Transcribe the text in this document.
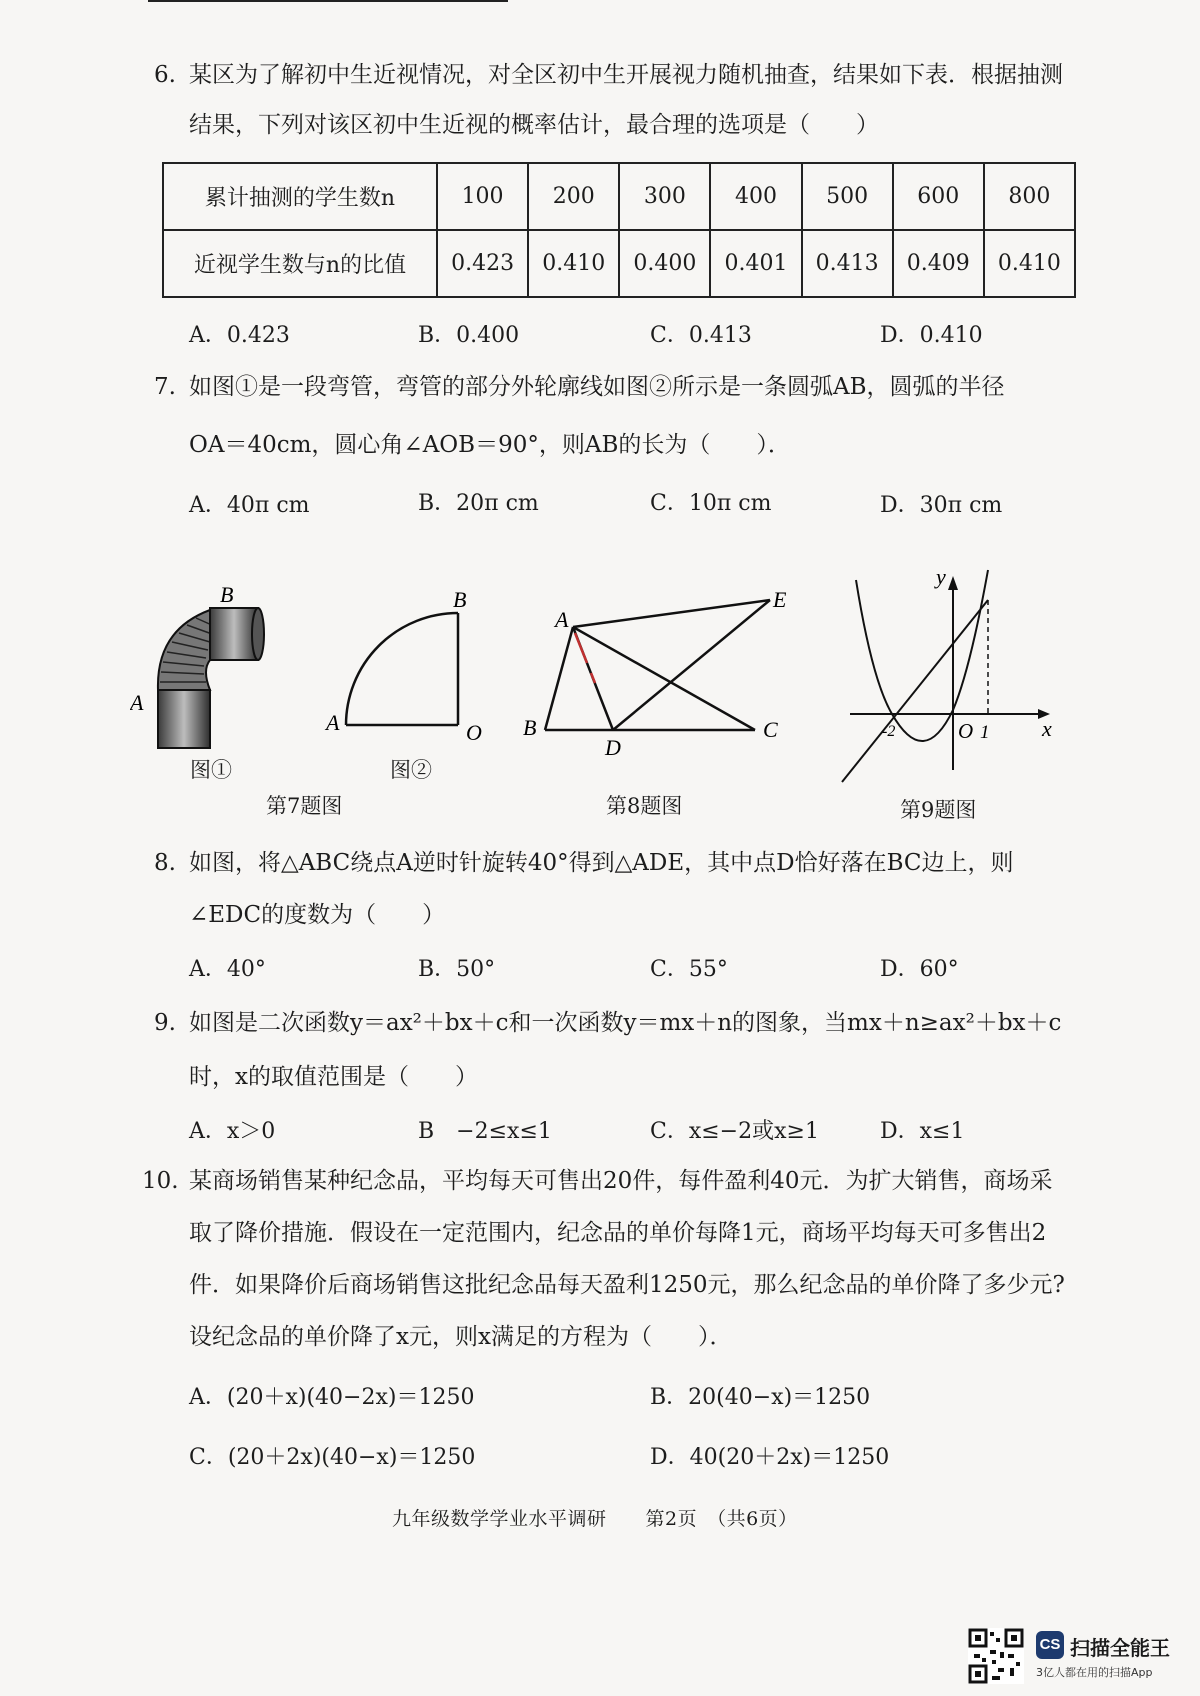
6. 某区为了解初中生近视情况，对全区初中生开展视力随机抽查，结果如下表．根据抽测
结果，下列对该区初中生近视的概率估计，最合理的选项是（　　）
累计抽测的学生数n	100	200	300	400	500	600	800
近视学生数与n的比值	0.423	0.410	0.400	0.401	0.413	0.409	0.410
A．0.423	B．0.400	C．0.413	D．0.410
7. 如图①是一段弯管，弯管的部分外轮廓线如图②所示是一条圆弧AB，圆弧的半径
OA＝40cm，圆心角∠AOB＝90°，则AB的长为（　　）．
A．40π cm	B．20π cm	C．10π cm	D．30π cm
B
A
图①
B
A	O
图②
第7题图
A
E
B
D
C
第8题图
y
x
O 1
-2
第9题图
8. 如图，将△ABC绕点A逆时针旋转40°得到△ADE，其中点D恰好落在BC边上，则
∠EDC的度数为（　　）
A．40°	B．50°	C．55°	D．60°
9. 如图是二次函数y＝ax²＋bx＋c和一次函数y＝mx＋n的图象，当mx＋n≥ax²＋bx＋c
时，x的取值范围是（　　）
A．x＞0	B　−2≤x≤1	C．x≤−2或x≥1	D．x≤1
10. 某商场销售某种纪念品，平均每天可售出20件，每件盈利40元．为扩大销售，商场采
取了降价措施．假设在一定范围内，纪念品的单价每降1元，商场平均每天可多售出2
件．如果降价后商场销售这批纪念品每天盈利1250元，那么纪念品的单价降了多少元?
设纪念品的单价降了x元，则x满足的方程为（　　）．
A．(20＋x)(40−2x)＝1250	B．20(40−x)＝1250
C．(20＋2x)(40−x)＝1250	D．40(20＋2x)＝1250
九年级数学学业水平调研　　第2页　（共6页）
CS 扫描全能王
3亿人都在用的扫描App
